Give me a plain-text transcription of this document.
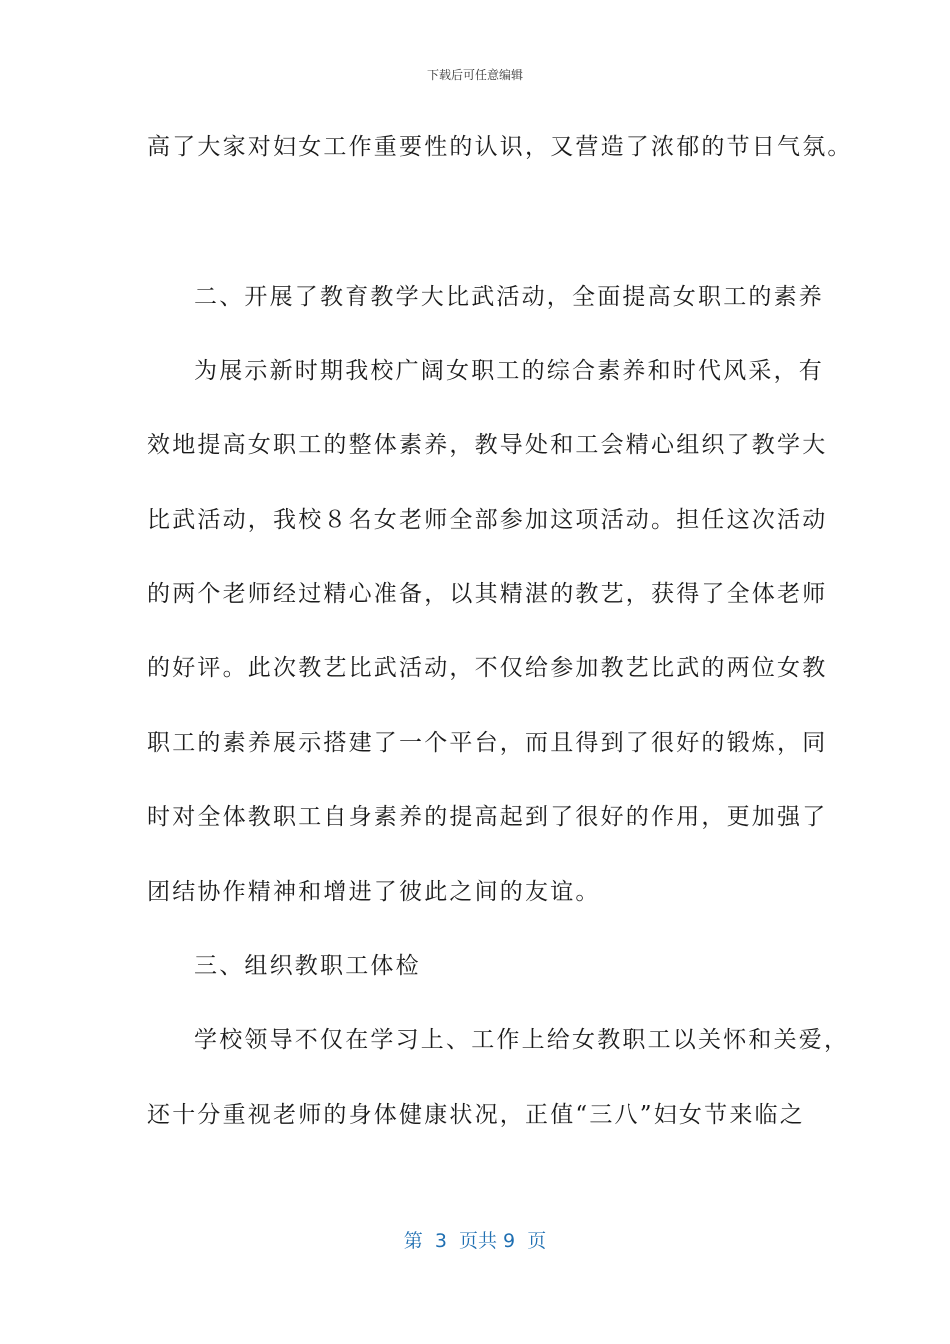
下载后可任意编辑
高了大家对妇女工作重要性的认识，又营造了浓郁的节日气氛。
二、开展了教育教学大比武活动，全面提高女职工的素养
为展示新时期我校广阔女职工的综合素养和时代风采，有
效地提高女职工的整体素养，教导处和工会精心组织了教学大
比武活动，我校８名女老师全部参加这项活动。担任这次活动
的两个老师经过精心准备，以其精湛的教艺，获得了全体老师
的好评。此次教艺比武活动，不仅给参加教艺比武的两位女教
职工的素养展示搭建了一个平台，而且得到了很好的锻炼，同
时对全体教职工自身素养的提高起到了很好的作用，更加强了
团结协作精神和增进了彼此之间的友谊。
三、组织教职工体检
学校领导不仅在学习上、工作上给女教职工以关怀和关爱，
还十分重视老师的身体健康状况，正值“三八”妇女节来临之
第  3  页共 9  页
